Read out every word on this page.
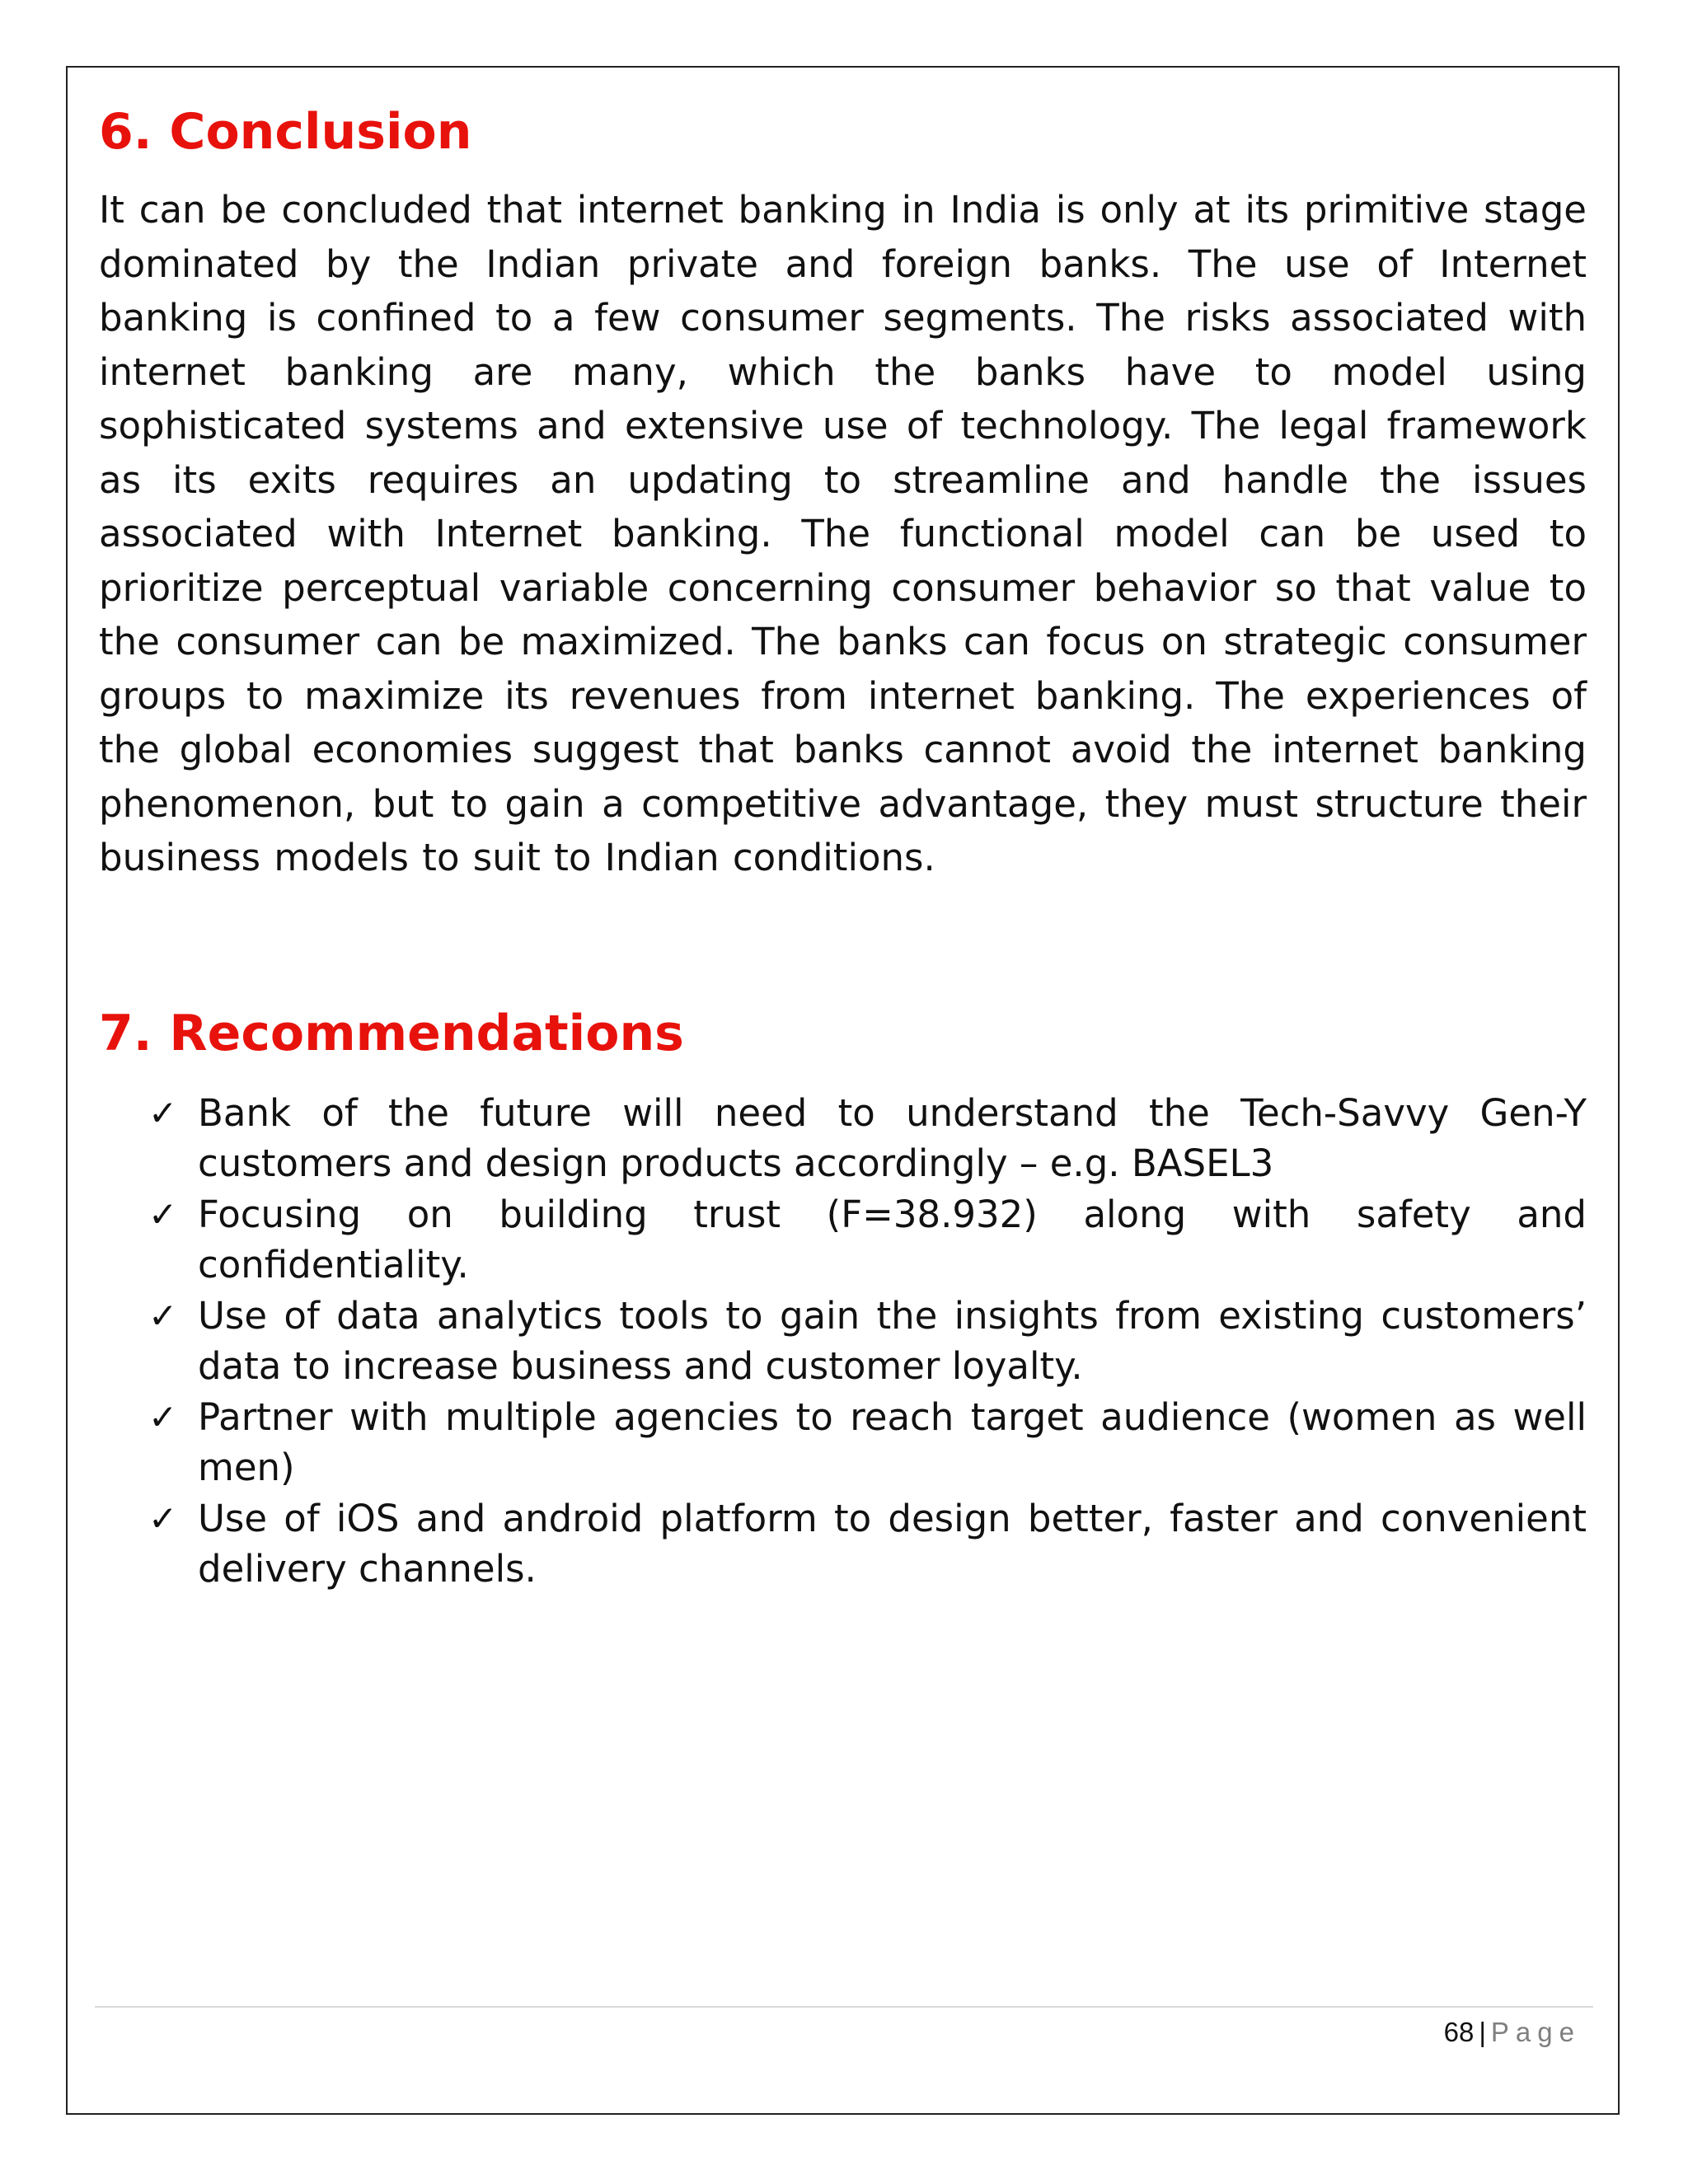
6. Conclusion

It can be concluded that internet banking in India is only at its primitive stage dominated by the Indian private and foreign banks. The use of Internet banking is confined to a few consumer segments. The risks associated with internet banking are many, which the banks have to model using sophisticated systems and extensive use of technology. The legal framework as its exits requires an updating to streamline and handle the issues associated with Internet banking. The functional model can be used to prioritize perceptual variable concerning consumer behavior so that value to the consumer can be maximized. The banks can focus on strategic consumer groups to maximize its revenues from internet banking. The experiences of the global economies suggest that banks cannot avoid the internet banking phenomenon, but to gain a competitive advantage, they must structure their business models to suit to Indian conditions.

7. Recommendations
✓ Bank of the future will need to understand the Tech-Savvy Gen-Y customers and design products accordingly – e.g. BASEL3
✓ Focusing on building trust (F=38.932) along with safety and confidentiality.
✓ Use of data analytics tools to gain the insights from existing customers’ data to increase business and customer loyalty.
✓ Partner with multiple agencies to reach target audience (women as well men)
✓ Use of iOS and android platform to design better, faster and convenient delivery channels.
68 | Page
